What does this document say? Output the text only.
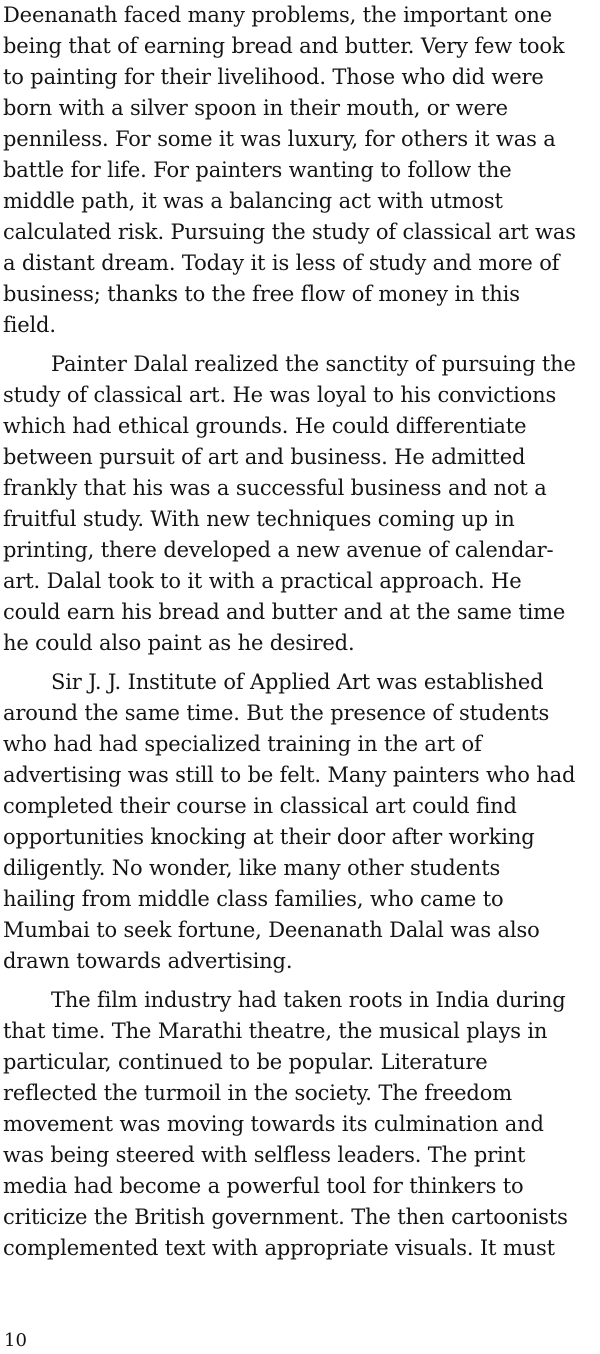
Deenanath faced many problems, the important one
being that of earning bread and butter. Very few took
to painting for their livelihood. Those who did were
born with a silver spoon in their mouth, or were
penniless. For some it was luxury, for others it was a
battle for life. For painters wanting to follow the
middle path, it was a balancing act with utmost
calculated risk. Pursuing the study of classical art was
a distant dream. Today it is less of study and more of
business; thanks to the free flow of money in this
field.

Painter Dalal realized the sanctity of pursuing the
study of classical art. He was loyal to his convictions
which had ethical grounds. He could differentiate
between pursuit of art and business. He admitted
frankly that his was a successful business and not a
fruitful study. With new techniques coming up in
printing, there developed a new avenue of calendar-
art. Dalal took to it with a practical approach. He
could earn his bread and butter and at the same time
he could also paint as he desired.

Sir J. J. Institute of Applied Art was established
around the same time. But the presence of students
who had had specialized training in the art of
advertising was still to be felt. Many painters who had
completed their course in classical art could find
opportunities knocking at their door after working
diligently. No wonder, like many other students
hailing from middle class families, who came to
Mumbai to seek fortune, Deenanath Dalal was also
drawn towards advertising.

The film industry had taken roots in India during
that time. The Marathi theatre, the musical plays in
particular, continued to be popular. Literature
reflected the turmoil in the society. The freedom
movement was moving towards its culmination and
was being steered with selfless leaders. The print
media had become a powerful tool for thinkers to
criticize the British government. The then cartoonists
complemented text with appropriate visuals. It must

10
